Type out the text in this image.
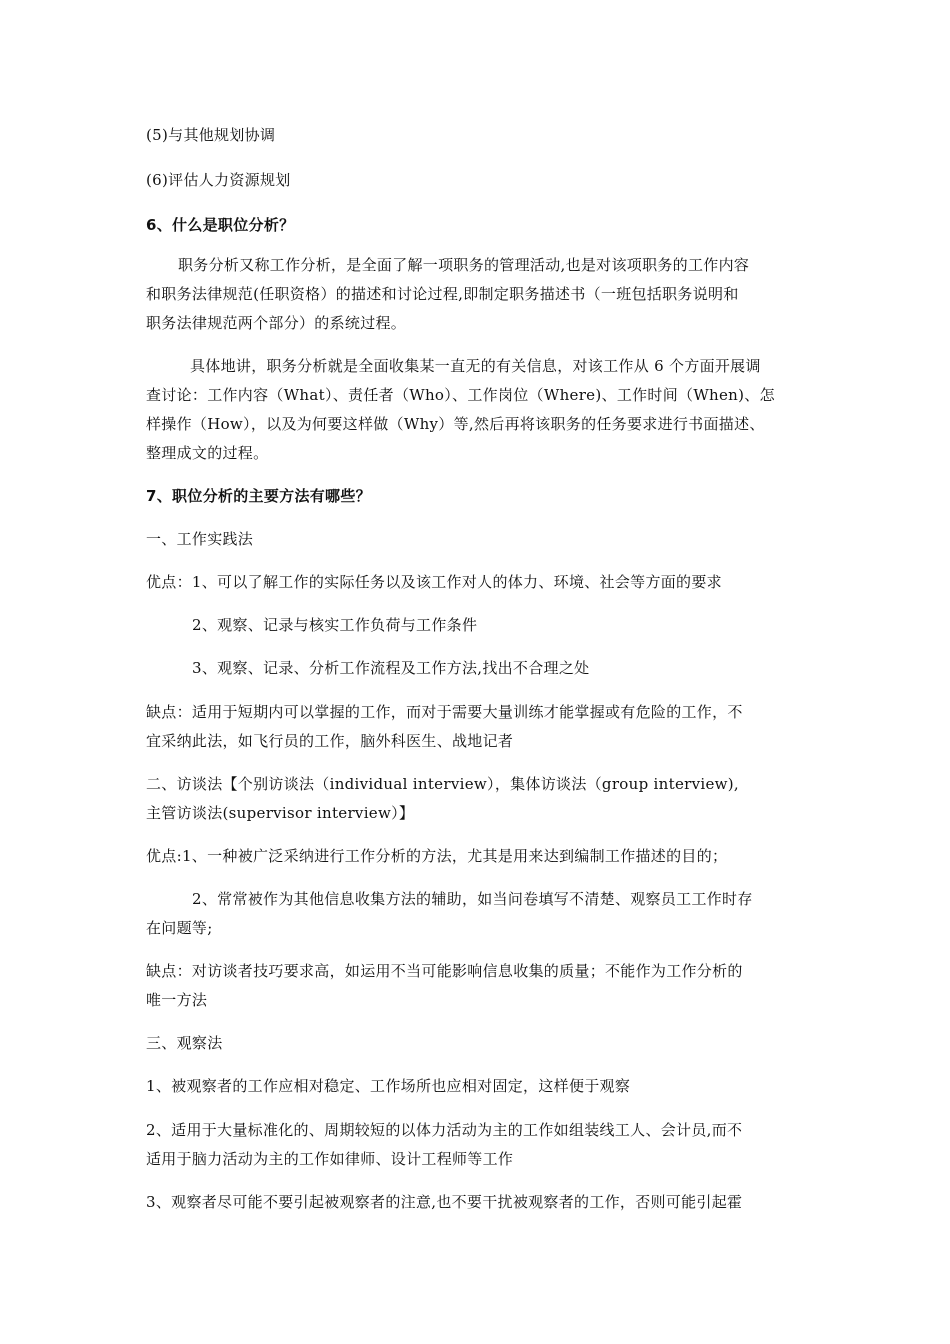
(5)与其他规划协调
(6)评估人力资源规划
6、什么是职位分析？
职务分析又称工作分析，是全面了解一项职务的管理活动,也是对该项职务的工作内容
和职务法律规范(任职资格）的描述和讨论过程,即制定职务描述书（一班包括职务说明和
职务法律规范两个部分）的系统过程。
具体地讲，职务分析就是全面收集某一直无的有关信息，对该工作从 6 个方面开展调
查讨论：工作内容（What）、责任者（Who）、工作岗位（Where)、工作时间（When)、怎
样操作（How），以及为何要这样做（Why）等,然后再将该职务的任务要求进行书面描述、
整理成文的过程。
7、职位分析的主要方法有哪些？
一、工作实践法
优点：1、可以了解工作的实际任务以及该工作对人的体力、环境、社会等方面的要求
2、观察、记录与核实工作负荷与工作条件
3、观察、记录、分析工作流程及工作方法,找出不合理之处
缺点：适用于短期内可以掌握的工作，而对于需要大量训练才能掌握或有危险的工作，不
宜采纳此法，如飞行员的工作，脑外科医生、战地记者
二、访谈法【个别访谈法（individual interview），集体访谈法（group interview),
主管访谈法(supervisor interview）】
优点:1、一种被广泛采纳进行工作分析的方法，尤其是用来达到编制工作描述的目的；
2、常常被作为其他信息收集方法的辅助，如当问卷填写不清楚、观察员工工作时存
在问题等;
缺点：对访谈者技巧要求高，如运用不当可能影响信息收集的质量；不能作为工作分析的
唯一方法
三、观察法
1、被观察者的工作应相对稳定、工作场所也应相对固定，这样便于观察
2、适用于大量标准化的、周期较短的以体力活动为主的工作如组装线工人、会计员,而不
适用于脑力活动为主的工作如律师、设计工程师等工作
3、观察者尽可能不要引起被观察者的注意,也不要干扰被观察者的工作，否则可能引起霍
